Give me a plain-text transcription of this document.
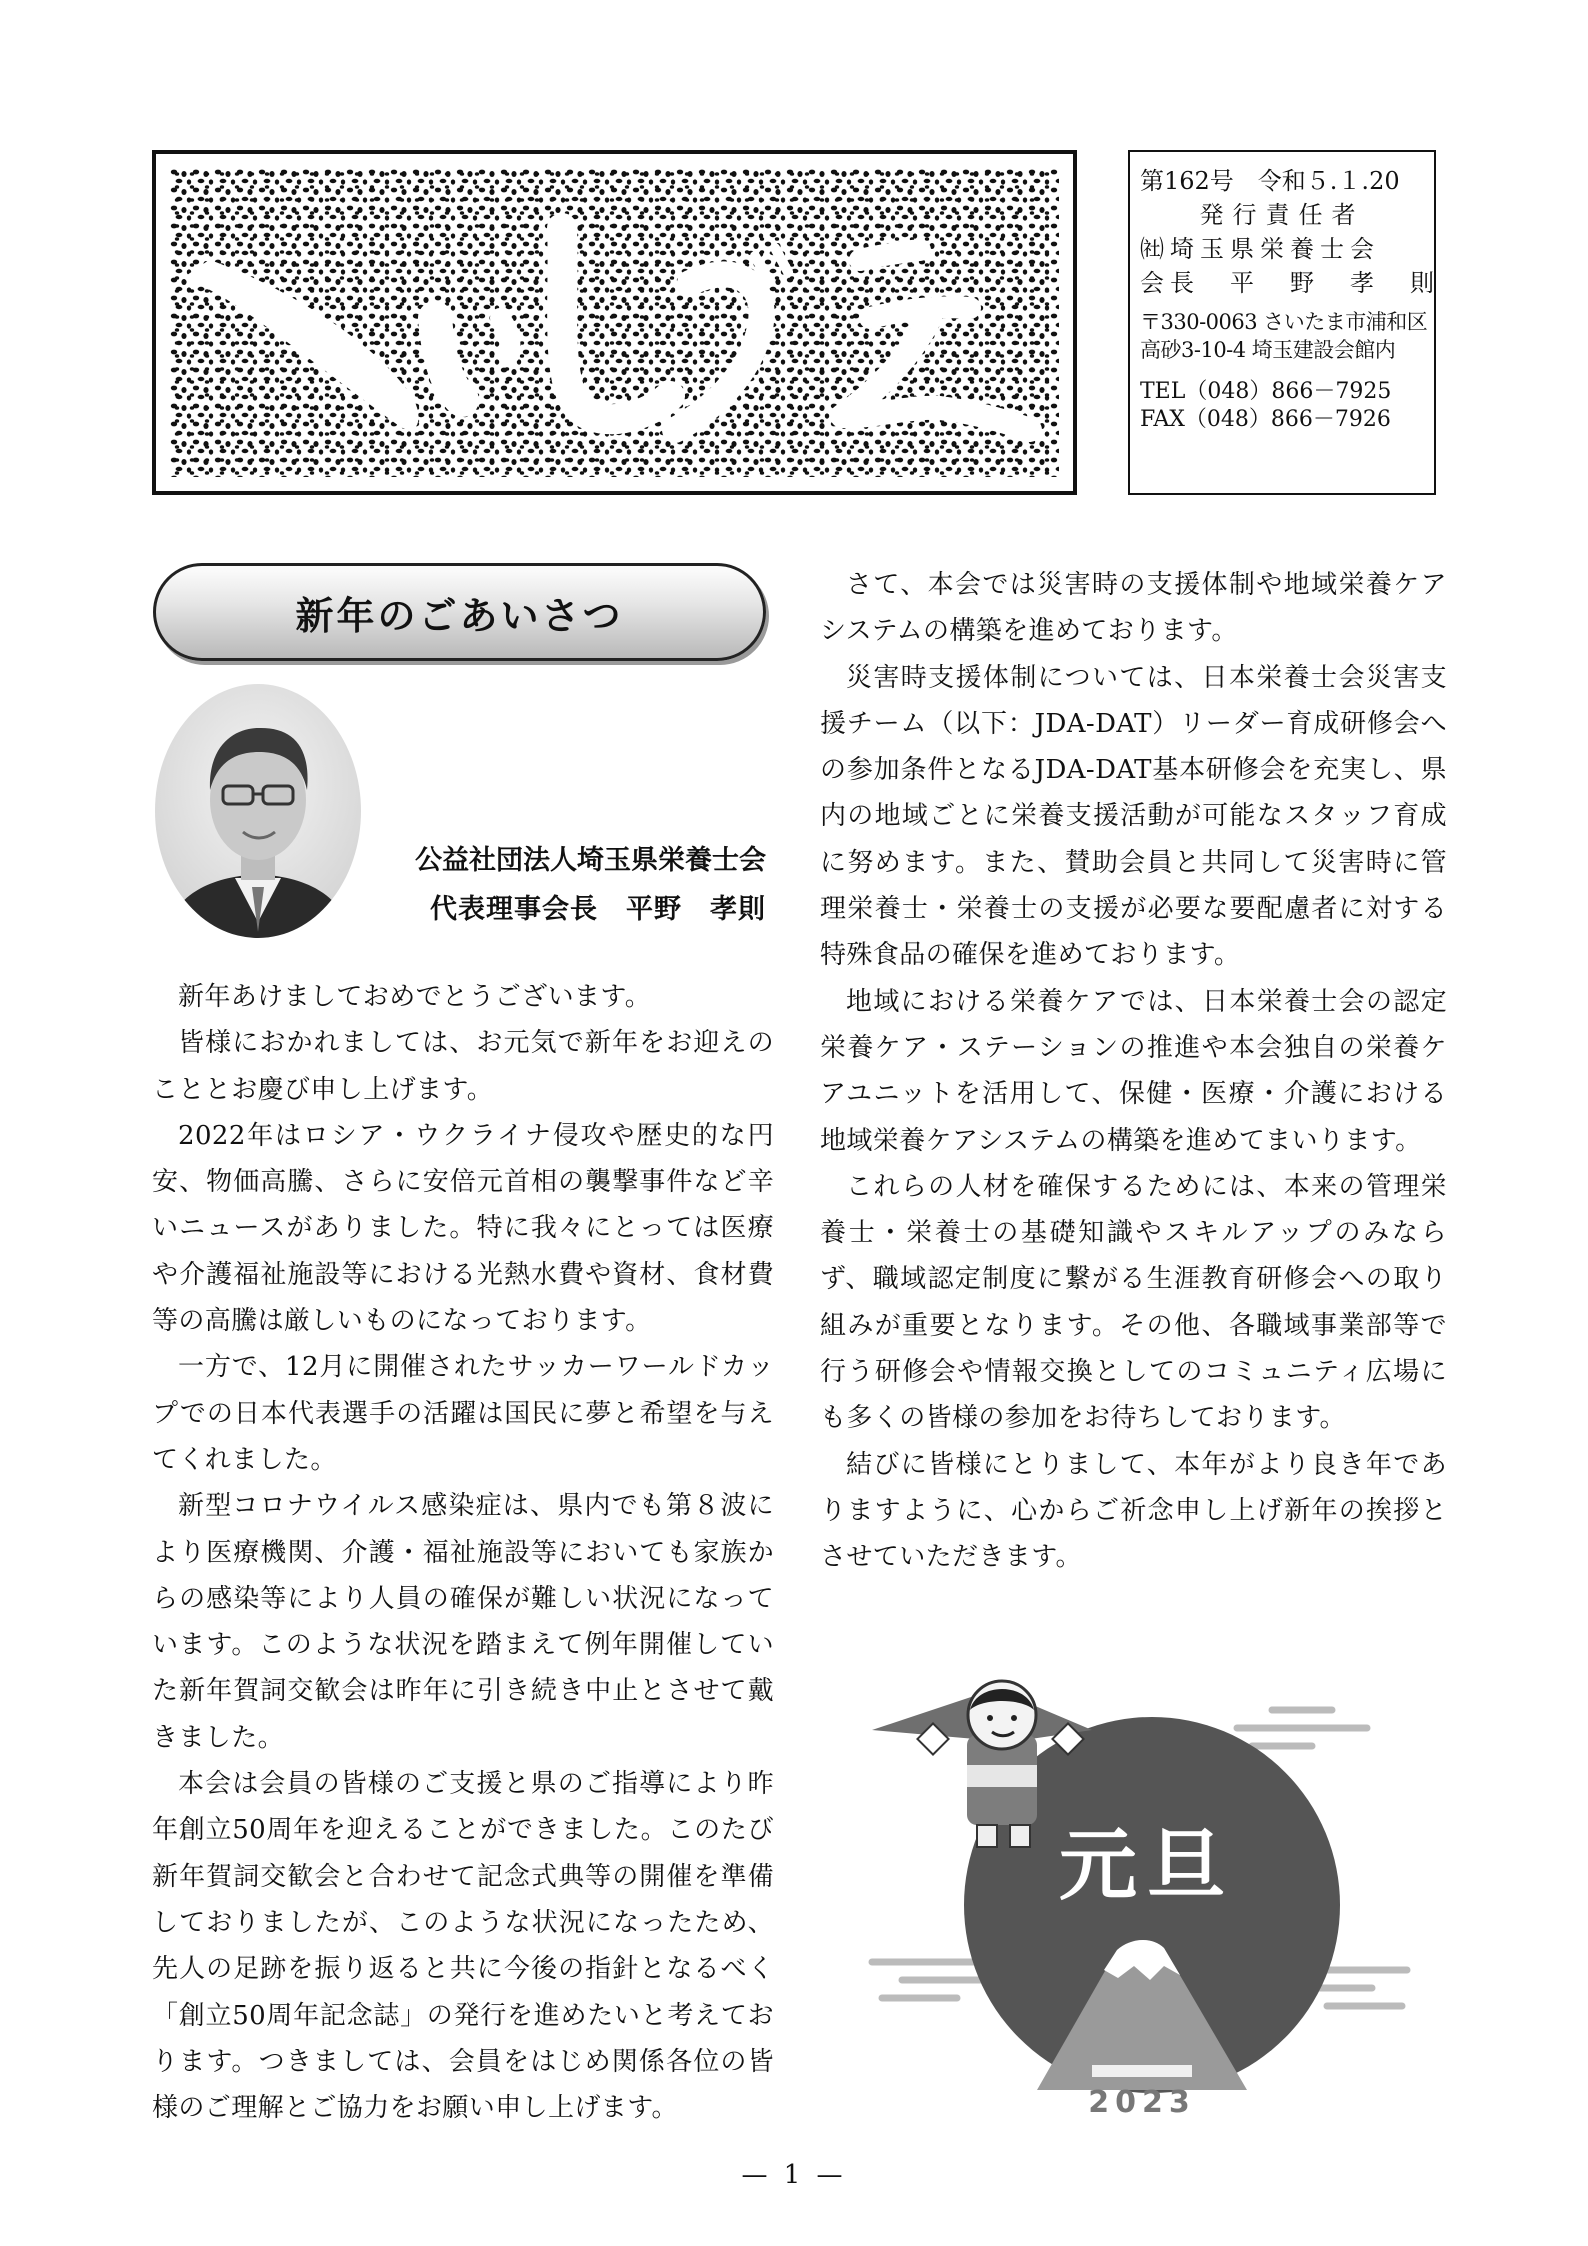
第162号　令和５.１.20
発行責任者
㈳埼玉県栄養士会
会長　平　野　孝　則
〒330-0063 さいたま市浦和区
高砂3-10-4 埼玉建設会館内
TEL（048）866－7925
FAX（048）866－7926
新年のごあいさつ
公益社団法人埼玉県栄養士会
代表理事会長　平野　孝則

新年あけましておめでとうございます。

皆様におかれましては、お元気で新年をお迎えのこととお慶び申し上げます。

2022年はロシア・ウクライナ侵攻や歴史的な円安、物価高騰、さらに安倍元首相の襲撃事件など辛いニュースがありました。特に我々にとっては医療や介護福祉施設等における光熱水費や資材、食材費等の高騰は厳しいものになっております。

一方で、12月に開催されたサッカーワールドカップでの日本代表選手の活躍は国民に夢と希望を与えてくれました。

新型コロナウイルス感染症は、県内でも第８波により医療機関、介護・福祉施設等においても家族からの感染等により人員の確保が難しい状況になっています。このような状況を踏まえて例年開催していた新年賀詞交歓会は昨年に引き続き中止とさせて戴きました。

本会は会員の皆様のご支援と県のご指導により昨年創立50周年を迎えることができました。このたび新年賀詞交歓会と合わせて記念式典等の開催を準備しておりましたが、このような状況になったため、先人の足跡を振り返ると共に今後の指針となるべく「創立50周年記念誌」の発行を進めたいと考えております。つきましては、会員をはじめ関係各位の皆様のご理解とご協力をお願い申し上げます。

さて、本会では災害時の支援体制や地域栄養ケアシステムの構築を進めております。

災害時支援体制については、日本栄養士会災害支援チーム（以下：JDA-DAT）リーダー育成研修会への参加条件となるJDA-DAT基本研修会を充実し、県内の地域ごとに栄養支援活動が可能なスタッフ育成に努めます。また、賛助会員と共同して災害時に管理栄養士・栄養士の支援が必要な要配慮者に対する特殊食品の確保を進めております。

地域における栄養ケアでは、日本栄養士会の認定栄養ケア・ステーションの推進や本会独自の栄養ケアユニットを活用して、保健・医療・介護における地域栄養ケアシステムの構築を進めてまいります。

これらの人材を確保するためには、本来の管理栄養士・栄養士の基礎知識やスキルアップのみならず、職域認定制度に繋がる生涯教育研修会への取り組みが重要となります。その他、各職域事業部等で行う研修会や情報交換としてのコミュニティ広場にも多くの皆様の参加をお待ちしております。

結びに皆様にとりまして、本年がより良き年でありますように、心からご祈念申し上げ新年の挨拶とさせていただきます。

2023
元旦
— 1 —
